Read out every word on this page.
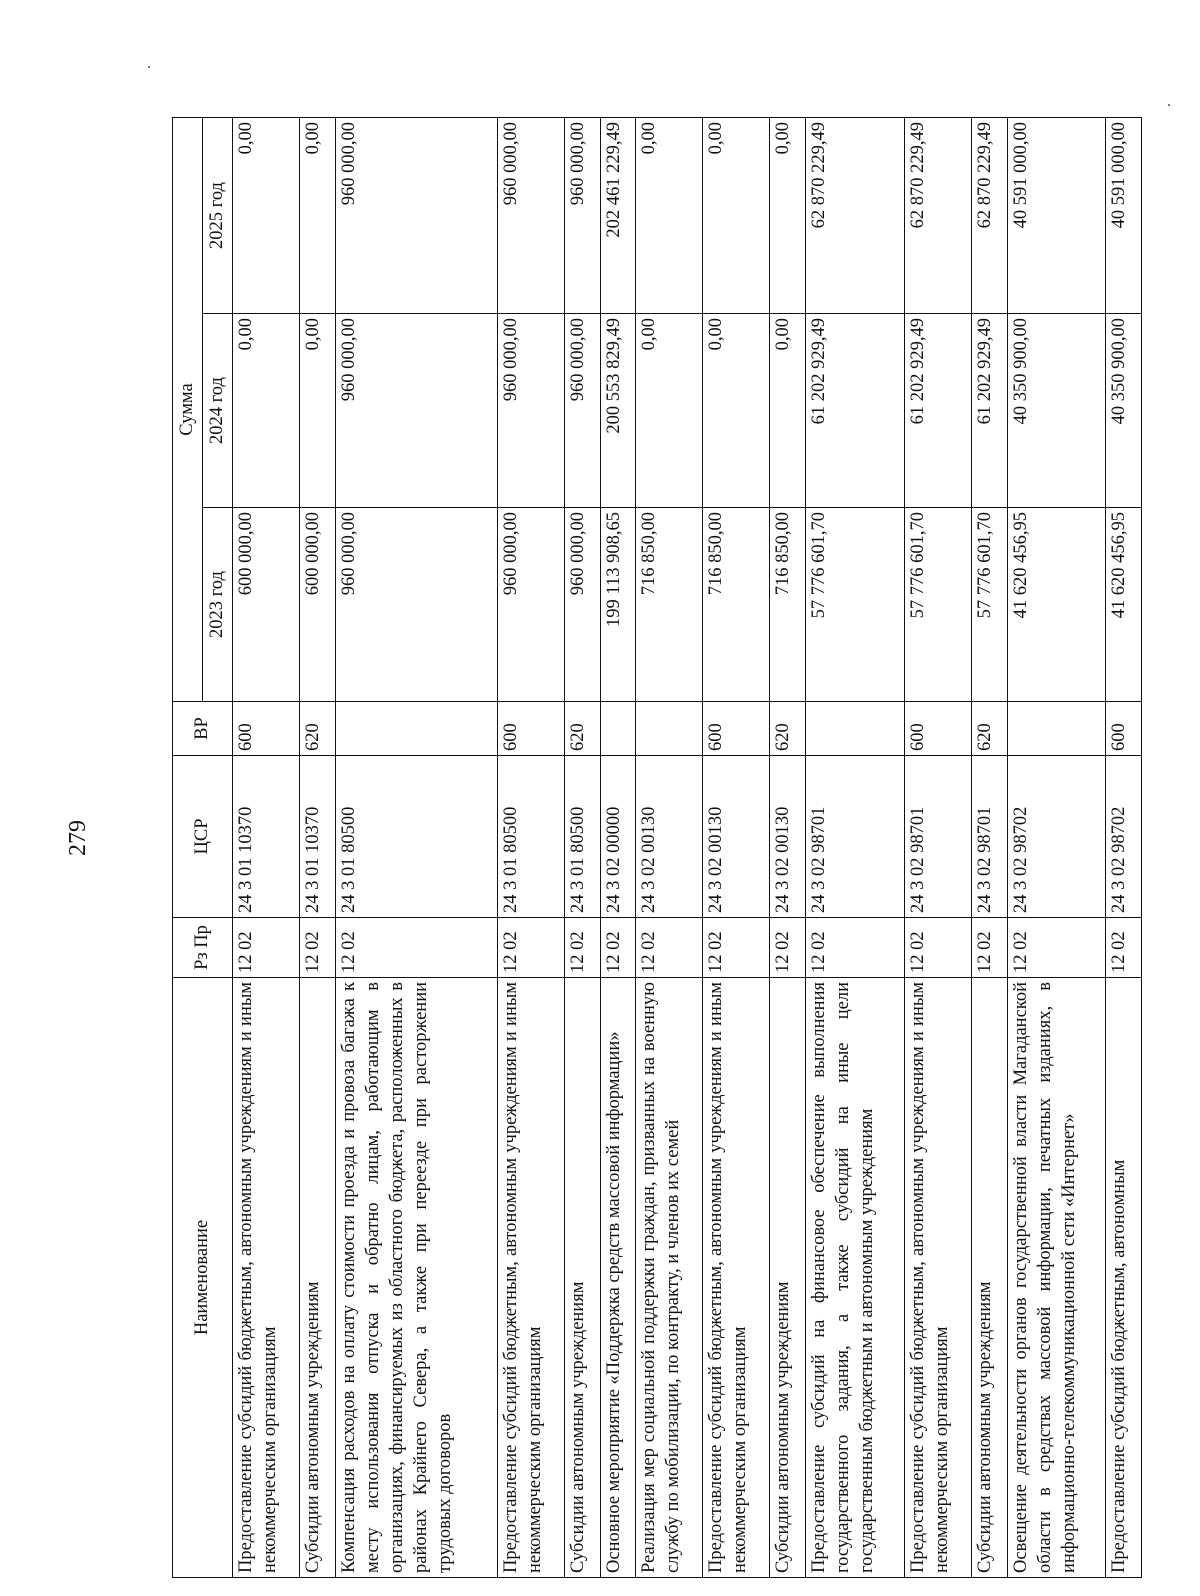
279
Наименование	Рз Пр	ЦСР	ВР	Сумма		
				2023 год	2024 год	2025 год
Предоставление субсидий бюджетным, автономным учреждениям и иным некоммерческим организациям	12 02	24 3 01 10370	600	600 000,00	0,00	0,00
Субсидии автономным учреждениям	12 02	24 3 01 10370	620	600 000,00	0,00	0,00
Компенсация расходов на оплату стоимости проезда и провоза багажа к месту использования отпуска и обратно лицам, работающим в организациях, финансируемых из областного бюджета, расположенных в районах Крайнего Севера, а также при переезде при расторжении трудовых договоров	12 02	24 3 01 80500		960 000,00	960 000,00	960 000,00
Предоставление субсидий бюджетным, автономным учреждениям и иным некоммерческим организациям	12 02	24 3 01 80500	600	960 000,00	960 000,00	960 000,00
Субсидии автономным учреждениям	12 02	24 3 01 80500	620	960 000,00	960 000,00	960 000,00
Основное мероприятие «Поддержка средств массовой информации»	12 02	24 3 02 00000		199 113 908,65	200 553 829,49	202 461 229,49
Реализация мер социальной поддержки граждан, призванных на военную службу по мобилизации, по контракту, и членов их семей	12 02	24 3 02 00130		716 850,00	0,00	0,00
Предоставление субсидий бюджетным, автономным учреждениям и иным некоммерческим организациям	12 02	24 3 02 00130	600	716 850,00	0,00	0,00
Субсидии автономным учреждениям	12 02	24 3 02 00130	620	716 850,00	0,00	0,00
Предоставление субсидий на финансовое обеспечение выполнения государственного задания, а также субсидий на иные цели государственным бюджетным и автономным учреждениям	12 02	24 3 02 98701		57 776 601,70	61 202 929,49	62 870 229,49
Предоставление субсидий бюджетным, автономным учреждениям и иным некоммерческим организациям	12 02	24 3 02 98701	600	57 776 601,70	61 202 929,49	62 870 229,49
Субсидии автономным учреждениям	12 02	24 3 02 98701	620	57 776 601,70	61 202 929,49	62 870 229,49
Освещение деятельности органов государственной власти Магаданской области в средствах массовой информации, печатных изданиях, в информационно-телекоммуникационной сети «Интернет»	12 02	24 3 02 98702		41 620 456,95	40 350 900,00	40 591 000,00
Предоставление субсидий бюджетным, автономным	12 02	24 3 02 98702	600	41 620 456,95	40 350 900,00	40 591 000,00
